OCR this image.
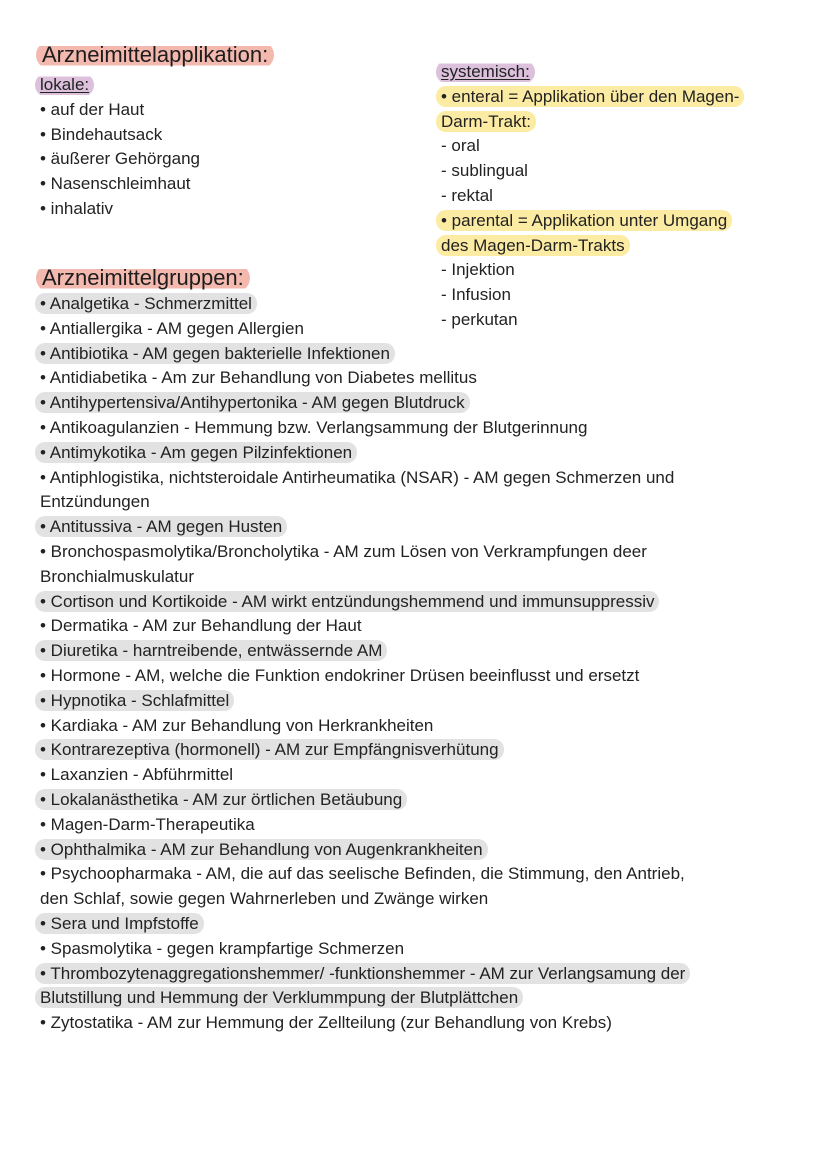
Arzneimittelapplikation:
lokale:
• auf der Haut
• Bindehautsack
• äußerer Gehörgang
• Nasenschleimhaut
• inhalativ
systemisch:
• enteral = Applikation über den Magen-
Darm-Trakt:
- oral
- sublingual
- rektal
• parental = Applikation unter Umgang
des Magen-Darm-Trakts
- Injektion
- Infusion
- perkutan
Arzneimittelgruppen:
• Analgetika - Schmerzmittel
• Antiallergika - AM gegen Allergien
• Antibiotika - AM gegen bakterielle Infektionen
• Antidiabetika - Am zur Behandlung von Diabetes mellitus
• Antihypertensiva/Antihypertonika - AM gegen Blutdruck
• Antikoagulanzien - Hemmung bzw. Verlangsammung der Blutgerinnung
• Antimykotika - Am gegen Pilzinfektionen
• Antiphlogistika, nichtsteroidale Antirheumatika (NSAR) - AM gegen Schmerzen und
Entzündungen
• Antitussiva - AM gegen Husten
• Bronchospasmolytika/Broncholytika - AM zum Lösen von Verkrampfungen deer
Bronchialmuskulatur
• Cortison und Kortikoide - AM wirkt entzündungshemmend und immunsuppressiv
• Dermatika - AM zur Behandlung der Haut
• Diuretika - harntreibende, entwässernde AM
• Hormone - AM, welche die Funktion endokriner Drüsen beeinflusst und ersetzt
• Hypnotika - Schlafmittel
• Kardiaka - AM zur Behandlung von Herkrankheiten
• Kontrarezeptiva (hormonell) - AM zur Empfängnisverhütung
• Laxanzien - Abführmittel
• Lokalanästhetika - AM zur örtlichen Betäubung
• Magen-Darm-Therapeutika
• Ophthalmika - AM zur Behandlung von Augenkrankheiten
• Psychoopharmaka - AM, die auf das seelische Befinden, die Stimmung, den Antrieb,
den Schlaf, sowie gegen Wahrnerleben und Zwänge wirken
• Sera und Impfstoffe
• Spasmolytika - gegen krampfartige Schmerzen
• Thrombozytenaggregationshemmer/ -funktionshemmer - AM zur Verlangsamung der
Blutstillung und Hemmung der Verklummpung der Blutplättchen
• Zytostatika - AM zur Hemmung der Zellteilung (zur Behandlung von Krebs)
